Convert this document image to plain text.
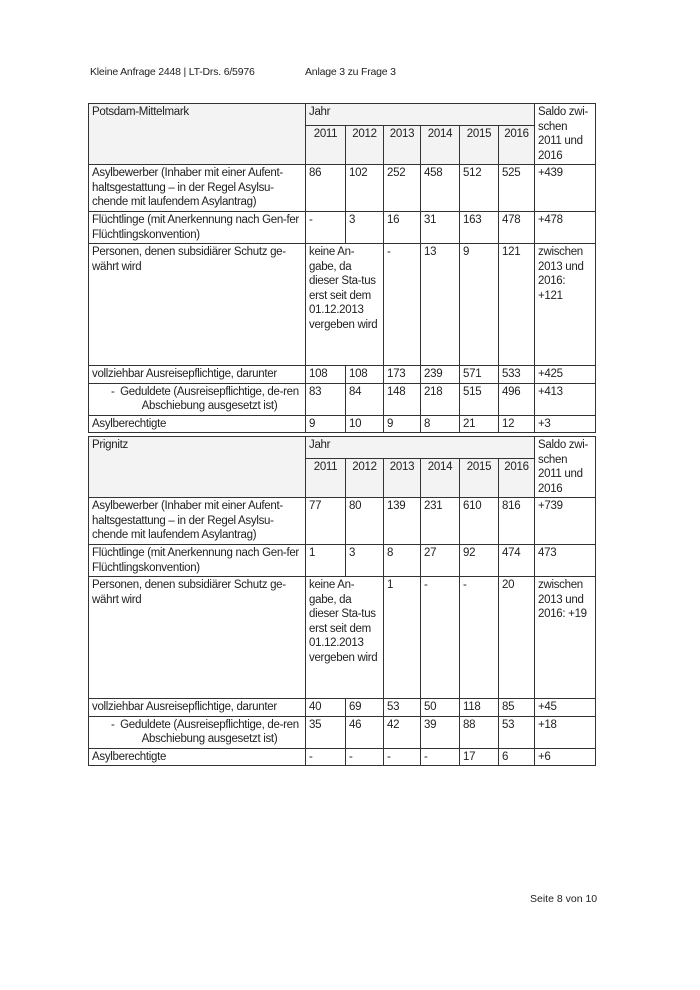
Kleine Anfrage 2448 | LT-Drs. 6/5976	Anlage 3 zu Frage 3
Potsdam-Mittelmark	Jahr						Saldo zwi-schen 2011 und 2016
	2011	2012	2013	2014	2015	2016	
Asylbewerber (Inhaber mit einer Aufent-haltsgestattung – in der Regel Asylsu-chende mit laufendem Asylantrag)	86	102	252	458	512	525	+439
Flüchtlinge (mit Anerkennung nach Gen-fer Flüchtlingskonvention)	-	3	16	31	163	478	+478
Personen, denen subsidiärer Schutz ge-währt wird	keine An-gabe, da dieser Sta-tus erst seit dem 01.12.2013 vergeben wird		-	13	9	121	zwischen 2013 und 2016: +121
vollziehbar Ausreisepflichtige, darunter	108	108	173	239	571	533	+425

- Geduldete (Ausreisepflichtige, de-ren Abschiebung ausgesetzt ist)	83	84	148	218	515	496	+413
Asylberechtigte	9	10	9	8	21	12	+3
Prignitz	Jahr						Saldo zwi-schen 2011 und 2016
	2011	2012	2013	2014	2015	2016	
Asylbewerber (Inhaber mit einer Aufent-haltsgestattung – in der Regel Asylsu-chende mit laufendem Asylantrag)	77	80	139	231	610	816	+739
Flüchtlinge (mit Anerkennung nach Gen-fer Flüchtlingskonvention)	1	3	8	27	92	474	473
Personen, denen subsidiärer Schutz ge-währt wird	keine An-gabe, da dieser Sta-tus erst seit dem 01.12.2013 vergeben wird		1	-	-	20	zwischen 2013 und 2016: +19
vollziehbar Ausreisepflichtige, darunter	40	69	53	50	118	85	+45

- Geduldete (Ausreisepflichtige, de-ren Abschiebung ausgesetzt ist)	35	46	42	39	88	53	+18
Asylberechtigte	-	-	-	-	17	6	+6
Seite 8 von 10
